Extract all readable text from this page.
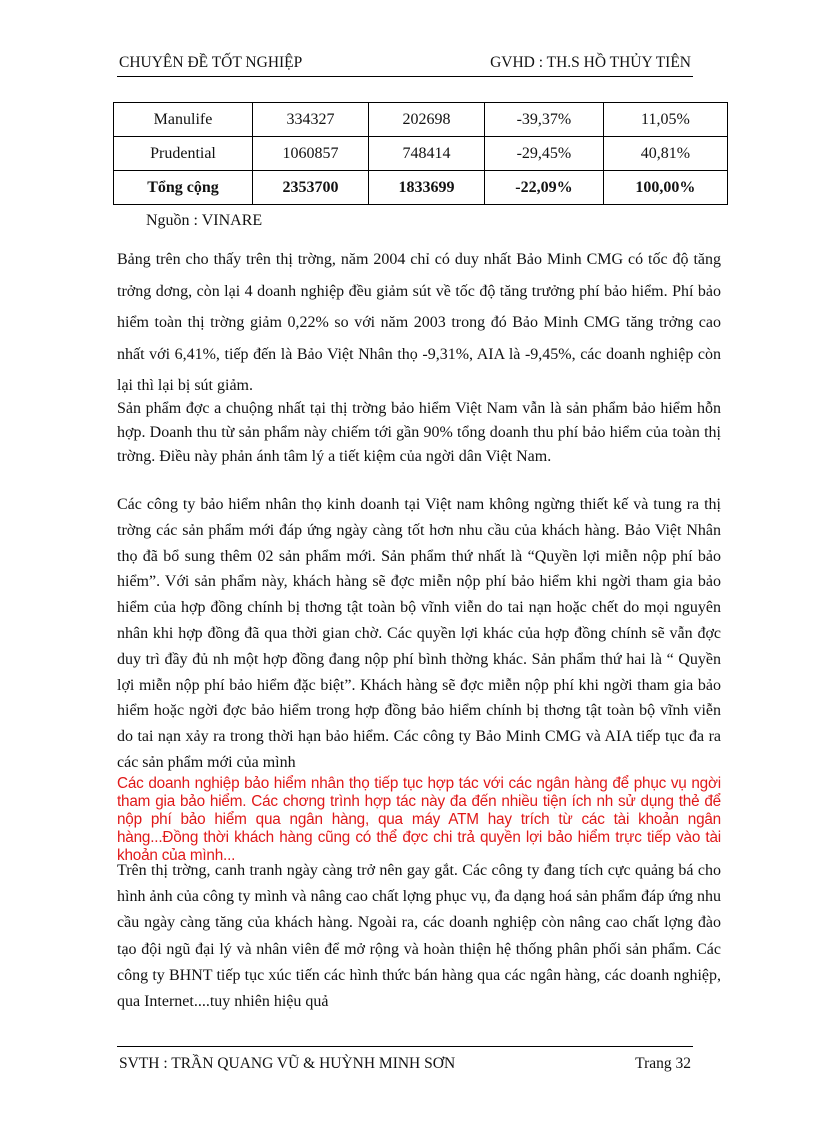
CHUYÊN ĐỀ TỐT NGHIỆP	GVHD : TH.S HỒ THỦY TIÊN
Manulife	334327	202698	-39,37%	11,05%
Prudential	1060857	748414	-29,45%	40,81%
Tổng cộng	2353700	1833699	-22,09%	100,00%
Nguồn : VINARE

Bảng trên cho thấy trên thị trờng, năm 2004 chỉ có duy nhất Bảo Minh CMG có tốc độ tăng trởng dơng, còn lại 4 doanh nghiệp đều giảm sút về tốc độ tăng trưởng phí bảo hiểm. Phí bảo hiểm toàn thị trờng giảm 0,22% so với năm 2003 trong đó Bảo Minh CMG tăng trởng cao nhất với 6,41%, tiếp đến là Bảo Việt Nhân thọ -9,31%, AIA là -9,45%, các doanh nghiệp còn lại thì lại bị sút giảm.

Sản phẩm đợc a chuộng nhất tại thị trờng bảo hiểm Việt Nam vẫn là sản phẩm bảo hiểm hỗn hợp. Doanh thu từ sản phẩm này chiếm tới gần 90% tổng doanh thu phí bảo hiểm của toàn thị trờng. Điều này phản ánh tâm lý a tiết kiệm của ngời dân Việt Nam.

Các công ty bảo hiểm nhân thọ kinh doanh tại Việt nam không ngừng thiết kế và tung ra thị trờng các sản phẩm mới đáp ứng ngày càng tốt hơn nhu cầu của khách hàng. Bảo Việt Nhân thọ đã bổ sung thêm 02 sản phẩm mới. Sản phẩm thứ nhất là “Quyền lợi miễn nộp phí bảo hiểm”. Với sản phẩm này, khách hàng sẽ đợc miễn nộp phí bảo hiểm khi ngời tham gia bảo hiểm của hợp đồng chính bị thơng tật toàn bộ vĩnh viễn do tai nạn hoặc chết do mọi nguyên nhân khi hợp đồng đã qua thời gian chờ. Các quyền lợi khác của hợp đồng chính sẽ vẫn đợc duy trì đầy đủ nh một hợp đồng đang nộp phí bình thờng khác. Sản phẩm thứ hai là “ Quyền lợi miễn nộp phí bảo hiểm đặc biệt”. Khách hàng sẽ đợc miễn nộp phí khi ngời tham gia bảo hiểm hoặc ngời đợc bảo hiểm trong hợp đồng bảo hiểm chính bị thơng tật toàn bộ vĩnh viễn do tai nạn xảy ra trong thời hạn bảo hiểm. Các công ty Bảo Minh CMG và AIA tiếp tục đa ra các sản phẩm mới của mình

Các doanh nghiệp bảo hiểm nhân thọ tiếp tục hợp tác với các ngân hàng để phục vụ ngời tham gia bảo hiểm. Các chơng trình hợp tác này đa đến nhiều tiện ích nh sử dụng thẻ để nộp phí bảo hiểm qua ngân hàng, qua máy ATM hay trích từ các tài khoản ngân hàng...Đồng thời khách hàng cũng có thể đợc chi trả quyền lợi bảo hiểm trực tiếp vào tài khoản của mình...

Trên thị trờng, canh tranh ngày càng trở nên gay gắt. Các công ty đang tích cực quảng bá cho hình ảnh của công ty mình và nâng cao chất lợng phục vụ, đa dạng hoá sản phẩm đáp ứng nhu cầu ngày càng tăng của khách hàng. Ngoài ra, các doanh nghiệp còn nâng cao chất lợng đào tạo đội ngũ đại lý và nhân viên để mở rộng và hoàn thiện hệ thống phân phối sản phẩm. Các công ty BHNT tiếp tục xúc tiến các hình thức bán hàng qua các ngân hàng, các doanh nghiệp, qua Internet....tuy nhiên hiệu quả

SVTH : TRẦN QUANG VŨ & HUỲNH MINH SƠN	Trang 32
